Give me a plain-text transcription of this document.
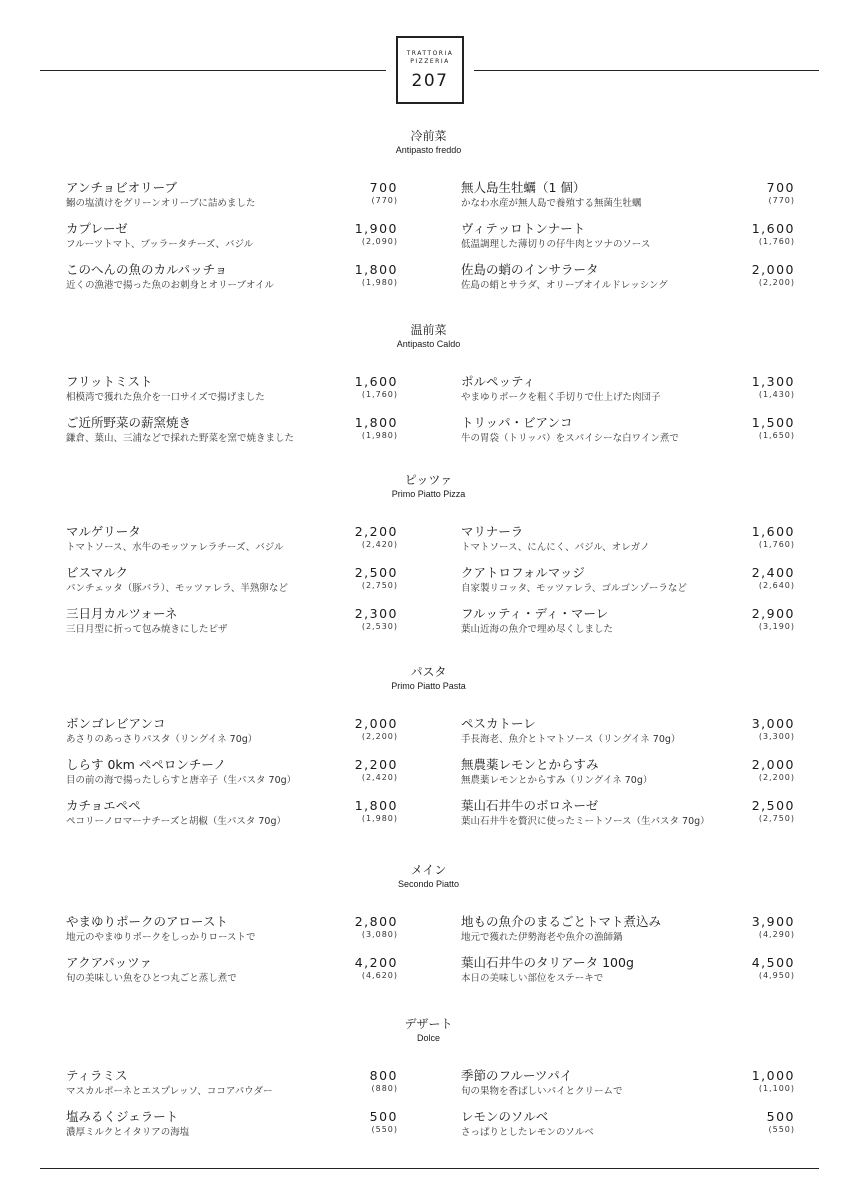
TRATTORIA
PIZZERIA
207
冷前菜
Antipasto freddo
アンチョビオリーブ
鰯の塩漬けをグリーンオリーブに詰めました
700
(770)
カプレーゼ
フルーツトマト、ブッラータチーズ、バジル
1,900
(2,090)
このへんの魚のカルパッチョ
近くの漁港で揚った魚のお刺身とオリーブオイル
1,800
(1,980)
無人島生牡蠣（1 個）
かなわ水産が無人島で養殖する無菌生牡蠣
700
(770)
ヴィテッロトンナート
低温調理した薄切りの仔牛肉とツナのソース
1,600
(1,760)
佐島の蛸のインサラータ
佐島の蛸とサラダ、オリーブオイルドレッシング
2,000
(2,200)
温前菜
Antipasto Caldo
フリットミスト
相模湾で獲れた魚介を一口サイズで揚げました
1,600
(1,760)
ご近所野菜の薪窯焼き
鎌倉、葉山、三浦などで採れた野菜を窯で焼きました
1,800
(1,980)
ポルペッティ
やまゆりポークを粗く手切りで仕上げた肉団子
1,300
(1,430)
トリッパ・ビアンコ
牛の胃袋（トリッパ）をスパイシーな白ワイン煮で
1,500
(1,650)
ピッツァ
Primo Piatto Pizza
マルゲリータ
トマトソース、水牛のモッツァレラチーズ、バジル
2,200
(2,420)
ビスマルク
パンチェッタ（豚バラ）、モッツァレラ、半熟卵など
2,500
(2,750)
三日月カルツォーネ
三日月型に折って包み焼きにしたピザ
2,300
(2,530)
マリナーラ
トマトソース、にんにく、バジル、オレガノ
1,600
(1,760)
クアトロフォルマッジ
自家製リコッタ、モッツァレラ、ゴルゴンゾーラなど
2,400
(2,640)
フルッティ・ディ・マーレ
葉山近海の魚介で埋め尽くしました
2,900
(3,190)
パスタ
Primo Piatto Pasta
ボンゴレビアンコ
あさりのあっさりパスタ（リングイネ 70g）
2,000
(2,200)
しらす 0km ペペロンチーノ
目の前の海で揚ったしらすと唐辛子（生パスタ 70g）
2,200
(2,420)
カチョエペペ
ペコリーノロマーナチーズと胡椒（生パスタ 70g）
1,800
(1,980)
ペスカトーレ
手長海老、魚介とトマトソース（リングイネ 70g）
3,000
(3,300)
無農薬レモンとからすみ
無農薬レモンとからすみ（リングイネ 70g）
2,000
(2,200)
葉山石井牛のボロネーゼ
葉山石井牛を贅沢に使ったミートソース（生パスタ 70g）
2,500
(2,750)
メイン
Secondo Piatto
やまゆりポークのアロースト
地元のやまゆりポークをしっかりローストで
2,800
(3,080)
アクアパッツァ
旬の美味しい魚をひとつ丸ごと蒸し煮で
4,200
(4,620)
地もの魚介のまるごとトマト煮込み
地元で獲れた伊勢海老や魚介の漁師鍋
3,900
(4,290)
葉山石井牛のタリアータ 100g
本日の美味しい部位をステーキで
4,500
(4,950)
デザート
Dolce
ティラミス
マスカルポーネとエスプレッソ、ココアパウダー
800
(880)
塩みるくジェラート
濃厚ミルクとイタリアの海塩
500
(550)
季節のフルーツパイ
旬の果物を香ばしいパイとクリームで
1,000
(1,100)
レモンのソルベ
さっぱりとしたレモンのソルベ
500
(550)
